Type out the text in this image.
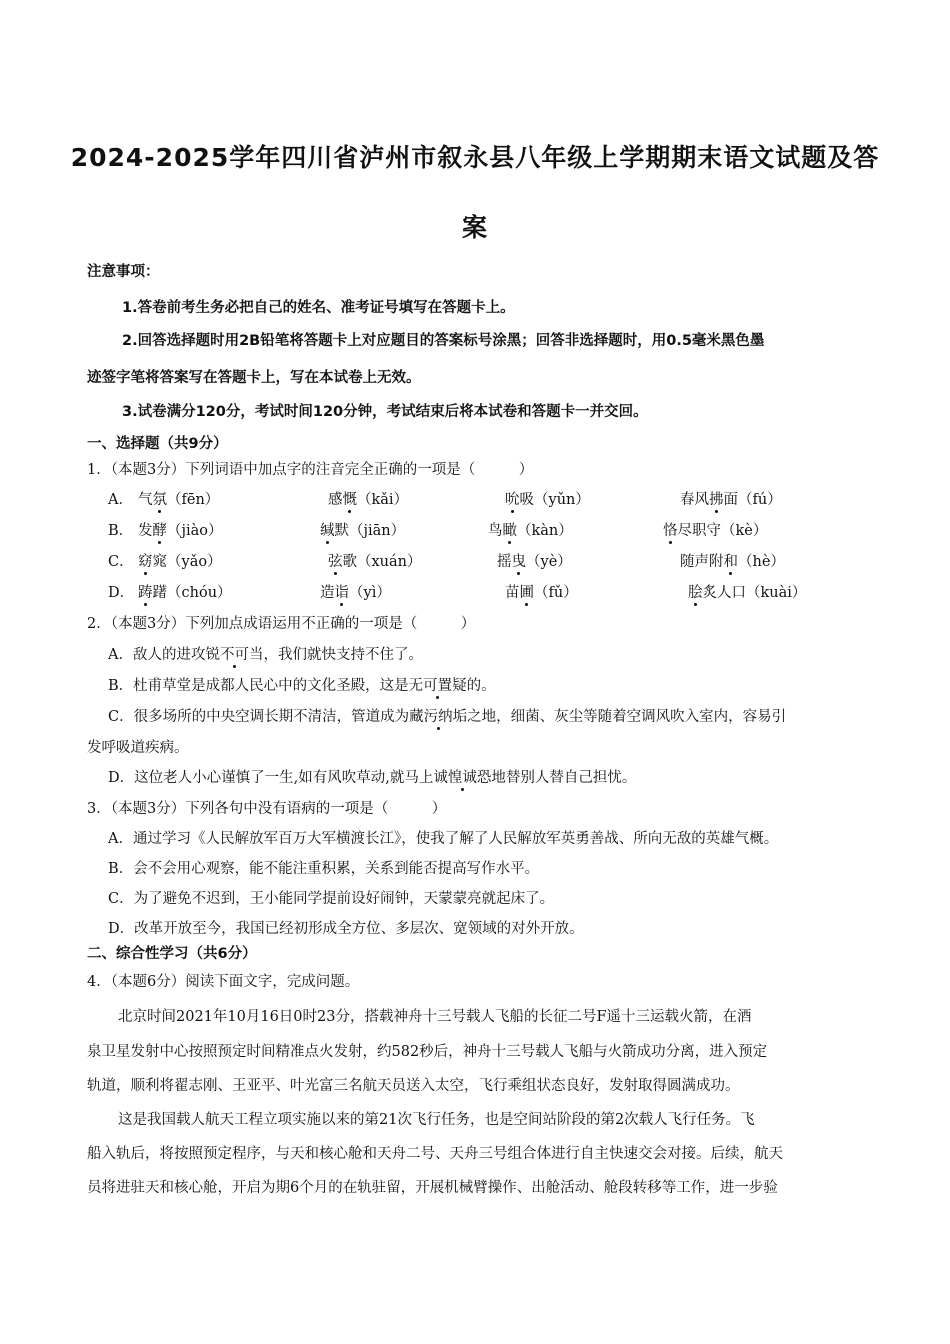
2024-2025学年四川省泸州市叙永县八年级上学期期末语文试题及答
案
注意事项：
1.答卷前考生务必把自己的姓名、准考证号填写在答题卡上。
2.回答选择题时用2B铅笔将答题卡上对应题目的答案标号涂黑；回答非选择题时，用0.5毫米黑色墨
迹签字笔将答案写在答题卡上，写在本试卷上无效。
3.试卷满分120分，考试时间120分钟，考试结束后将本试卷和答题卡一并交回。
一、选择题（共9分）
1．（本题3分）下列词语中加点字的注音完全正确的一项是（　　　）
A． 气氛（fēn）	感慨（kǎi）	吮吸（yǔn）	春风拂面（fú）
B． 发酵（jiào）	缄默（jiān）	鸟瞰（kàn）	恪尽职守（kè）
C． 窈窕（yǎo）	弦歌（xuán）	摇曳（yè）	随声附和（hè）
D． 踌躇（chóu）	造诣（yì）	苗圃（fǔ）	脍炙人口（kuài）
2．（本题3分）下列加点成语运用不正确的一项是（　　　）
A．敌人的进攻锐不可当，我们就快支持不住了。
B．杜甫草堂是成都人民心中的文化圣殿，这是无可置疑的。
C．很多场所的中央空调长期不清洁，管道成为藏污纳垢之地，细菌、灰尘等随着空调风吹入室内，容易引
发呼吸道疾病。
D．这位老人小心谨慎了一生,如有风吹草动,就马上诚惶诚恐地替别人替自己担忧。
3．（本题3分）下列各句中没有语病的一项是（　　　）
A．通过学习《人民解放军百万大军横渡长江》，使我了解了人民解放军英勇善战、所向无敌的英雄气概。
B．会不会用心观察，能不能注重积累，关系到能否提高写作水平。
C．为了避免不迟到，王小能同学提前设好闹钟，天蒙蒙亮就起床了。
D．改革开放至今，我国已经初形成全方位、多层次、宽领域的对外开放。
二、综合性学习（共6分）
4．（本题6分）阅读下面文字，完成问题。
北京时间2021年10月16日0时23分，搭载神舟十三号载人飞船的长征二号F遥十三运载火箭，在酒
泉卫星发射中心按照预定时间精准点火发射，约582秒后，神舟十三号载人飞船与火箭成功分离，进入预定
轨道，顺利将翟志刚、王亚平、叶光富三名航天员送入太空，飞行乘组状态良好，发射取得圆满成功。
这是我国载人航天工程立项实施以来的第21次飞行任务，也是空间站阶段的第2次载人飞行任务。飞
船入轨后，将按照预定程序，与天和核心舱和天舟二号、天舟三号组合体进行自主快速交会对接。后续，航天
员将进驻天和核心舱，开启为期6个月的在轨驻留，开展机械臂操作、出舱活动、舱段转移等工作，进一步验
